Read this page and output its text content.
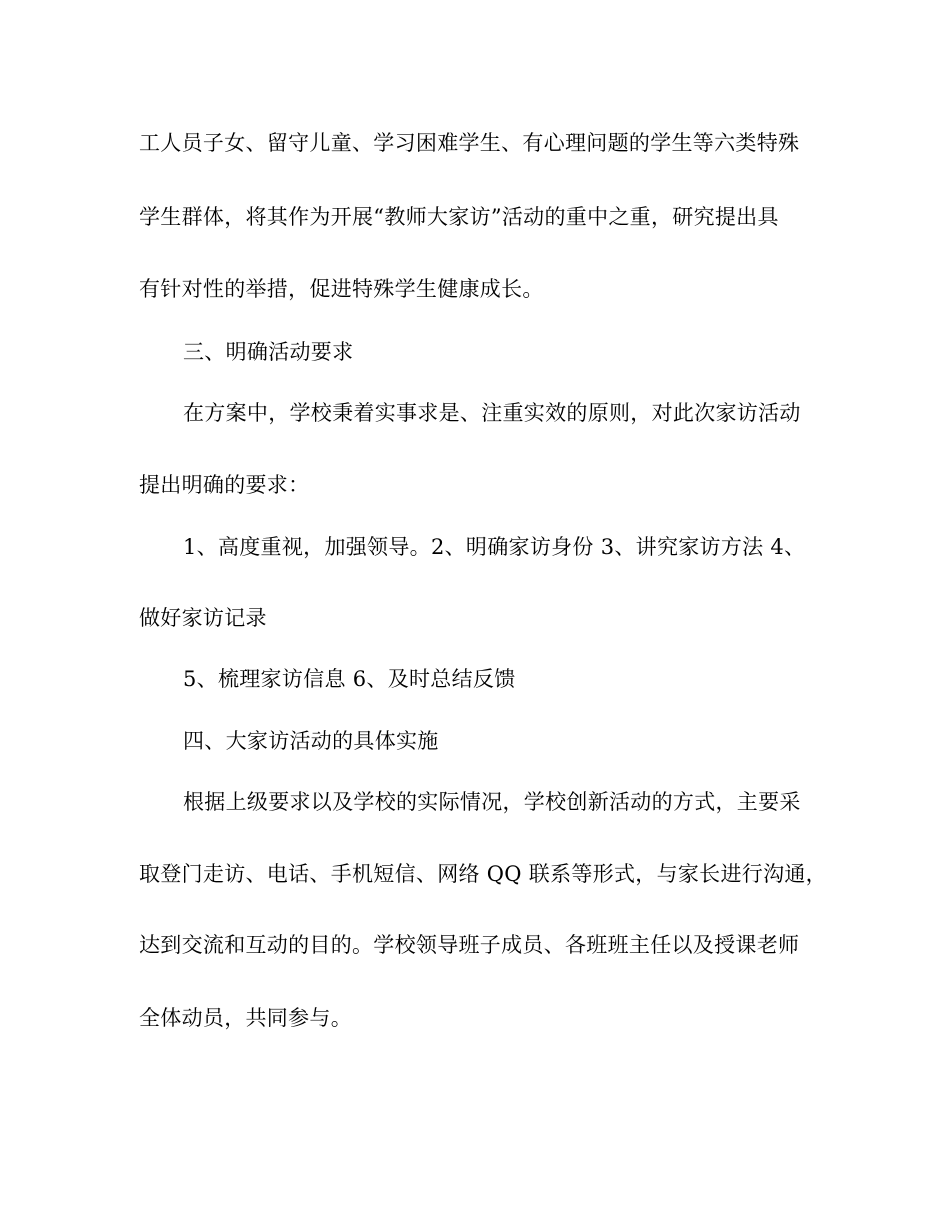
工人员子女、留守儿童、学习困难学生、有心理问题的学生等六类特殊
学生群体，将其作为开展“教师大家访”活动的重中之重，研究提出具
有针对性的举措，促进特殊学生健康成长。
三、明确活动要求
在方案中，学校秉着实事求是、注重实效的原则，对此次家访活动
提出明确的要求：
1、高度重视，加强领导。2、明确家访身份 3、讲究家访方法 4、
做好家访记录
5、梳理家访信息 6、及时总结反馈
四、大家访活动的具体实施
根据上级要求以及学校的实际情况，学校创新活动的方式，主要采
取登门走访、电话、手机短信、网络 QQ 联系等形式，与家长进行沟通，
达到交流和互动的目的。学校领导班子成员、各班班主任以及授课老师
全体动员，共同参与。
